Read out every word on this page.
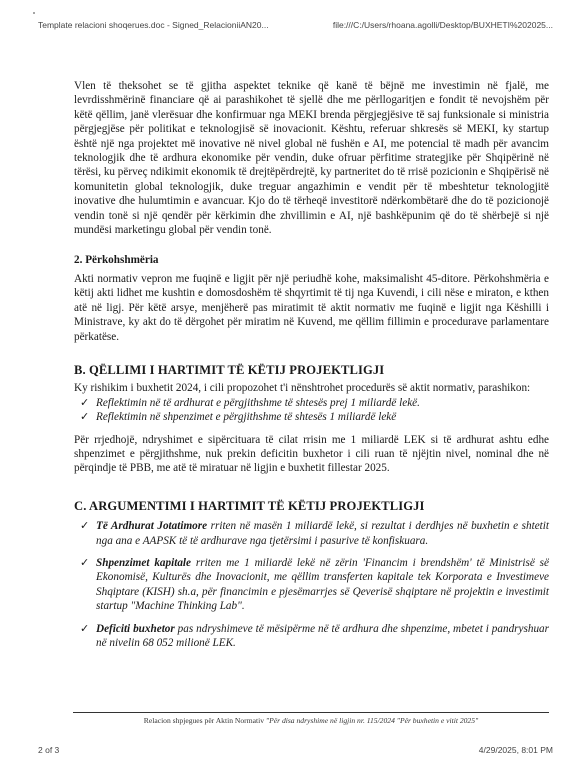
Template relacioni shoqerues.doc - Signed_RelacioniiAN20...	file:///C:/Users/rhoana.agolli/Desktop/BUXHETI%202025...

Vlen të theksohet se të gjitha aspektet teknike që kanë të bëjnë me investimin në fjalë, me levrdisshmërinë financiare që ai parashikohet të sjellë dhe me përllogaritjen e fondit të nevojshëm për këtë qëllim, janë vlerësuar dhe konfirmuar nga MEKI brenda përgjegjësive të saj funksionale si ministria përgjegjëse për politikat e teknologjisë së inovacionit. Kështu, referuar shkresës së MEKI, ky startup është një nga projektet më inovative në nivel global në fushën e AI, me potencial të madh për avancim teknologjik dhe të ardhura ekonomike për vendin, duke ofruar përfitime strategjike për Shqipërinë në tërësi, ku përveç ndikimit ekonomik të drejtëpërdrejtë, ky partneritet do të rrisë pozicionin e Shqipërisë në komunitetin global teknologjik, duke treguar angazhimin e vendit për të mbeshtetur teknologjitë inovative dhe hulumtimin e avancuar. Kjo do të tërheqë investitorë ndërkombëtarë dhe do të pozicionojë vendin tonë si një qendër për kërkimin dhe zhvillimin e AI, një bashkëpunim që do të shërbejë si një mundësi marketingu global për vendin tonë.

2. Përkohshmëria

Akti normativ vepron me fuqinë e ligjit për një periudhë kohe, maksimalisht 45-ditore. Përkohshmëria e këtij akti lidhet me kushtin e domosdoshëm të shqyrtimit të tij nga Kuvendi, i cili nëse e miraton, e kthen atë në ligj. Për këtë arsye, menjëherë pas miratimit të aktit normativ me fuqinë e ligjit nga Këshilli i Ministrave, ky akt do të dërgohet për miratim në Kuvend, me qëllim fillimin e procedurave parlamentare përkatëse.

B. QËLLIMI I HARTIMIT TË KËTIJ PROJEKTLIGJI

Ky rishikim i buxhetit 2024, i cili propozohet t'i nënshtrohet procedurës së aktit normativ, parashikon:

✓ Reflektimin në të ardhurat e përgjithshme të shtesës prej 1 miliardë lekë.
✓ Reflektimin në shpenzimet e përgjithshme të shtesës 1 miliardë lekë

Për rrjedhojë, ndryshimet e sipërcituara të cilat rrisin me 1 miliardë LEK si të ardhurat ashtu edhe shpenzimet e përgjithshme, nuk prekin deficitin buxhetor i cili ruan të njëjtin nivel, nominal dhe në përqindje të PBB, me atë të miratuar në ligjin e buxhetit fillestar 2025.

C. ARGUMENTIMI I HARTIMIT TË KËTIJ PROJEKTLIGJI
✓ Të Ardhurat Jotatimore rriten në masën 1 miliardë lekë, si rezultat i derdhjes në buxhetin e shtetit nga ana e AAPSK të të ardhurave nga tjetërsimi i pasurive të konfiskuara.
✓ Shpenzimet kapitale rriten me 1 miliardë lekë në zërin 'Financim i brendshëm' të Ministrisë së Ekonomisë, Kulturës dhe Inovacionit, me qëllim transferten kapitale tek Korporata e Investimeve Shqiptare (KISH) sh.a, për financimin e pjesëmarrjes së Qeverisë shqiptare në projektin e investimit startup "Machine Thinking Lab".
✓ Deficiti buxhetor pas ndryshimeve të mësipërme në të ardhura dhe shpenzime, mbetet i pandryshuar në nivelin 68 052 milionë LEK.
Relacion shpjegues për Aktin Normativ "Për disa ndryshime në ligjin nr. 115/2024 "Për buxhetin e vitit 2025"
2 of 3	4/29/2025, 8:01 PM
